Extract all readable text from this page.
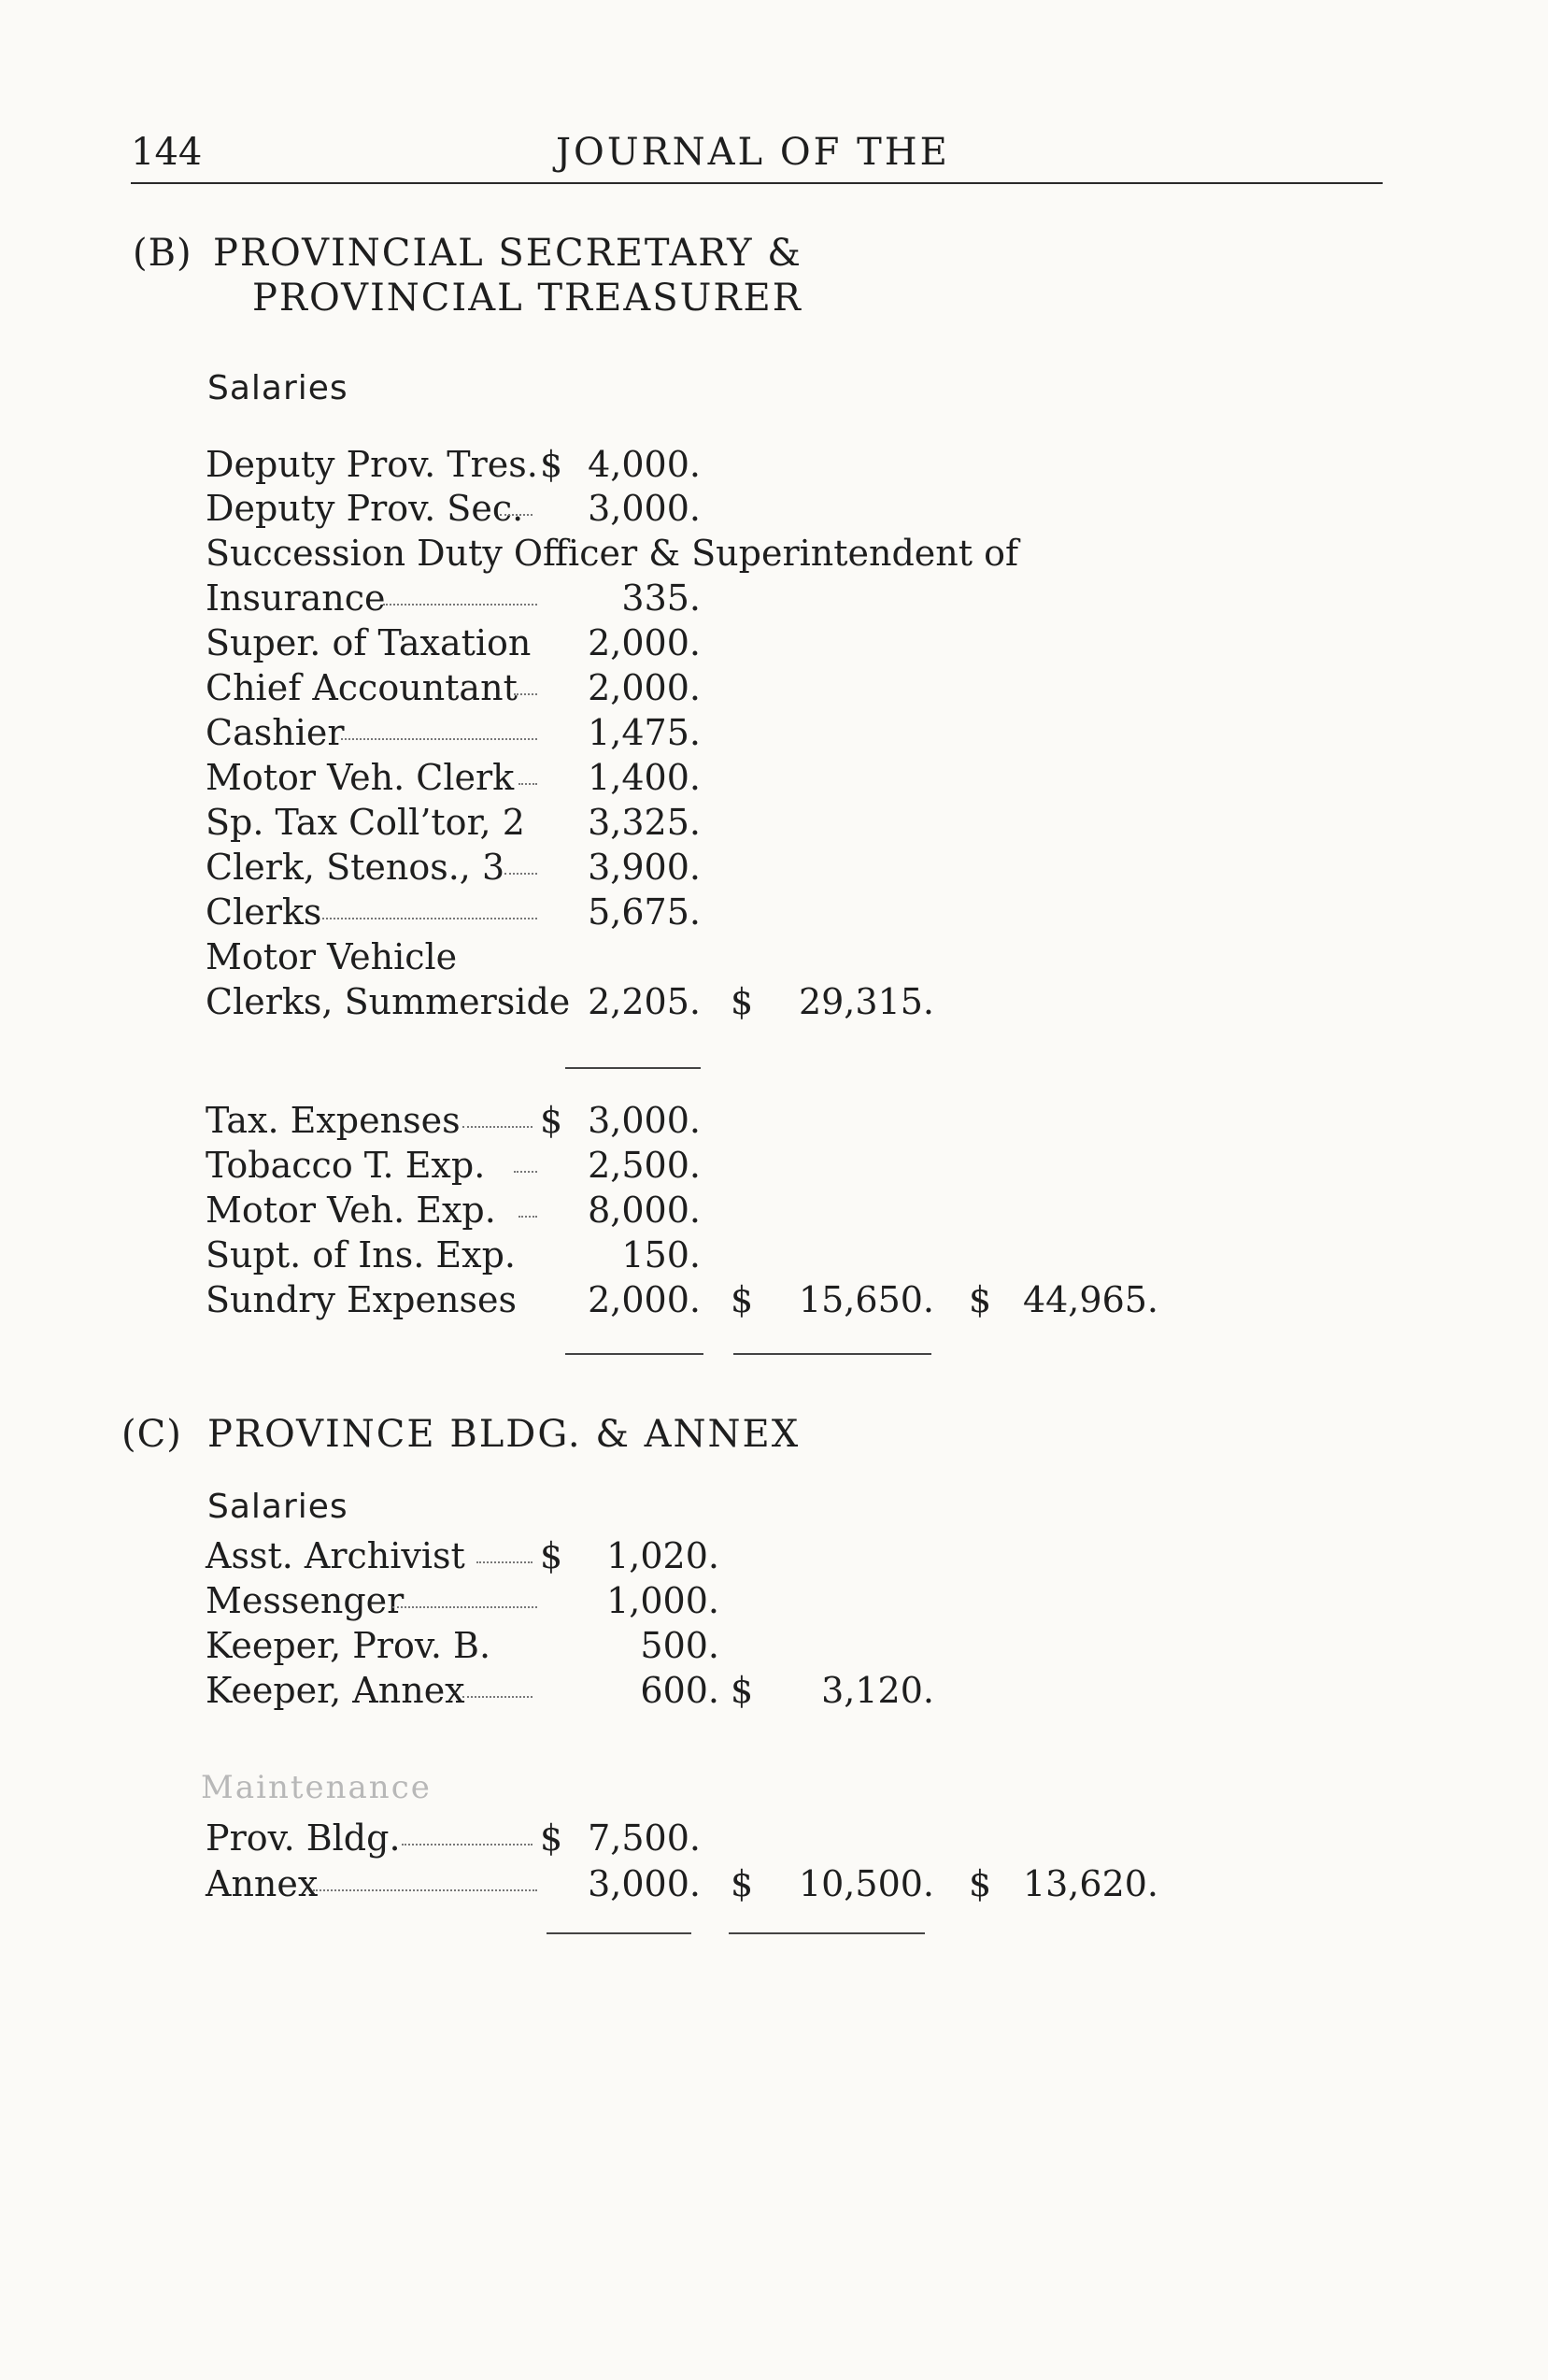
144	JOURNAL OF THE
(B) PROVINCIAL SECRETARY &
PROVINCIAL TREASURER
Salaries
Deputy Prov. Tres. $ 4,000.
Deputy Prov. Sec.	3,000.
Succession Duty Officer & Superintendent of
Insurance	335.
Super. of Taxation	2,000.
Chief Accountant	2,000.
Cashier	1,475.
Motor Veh. Clerk	1,400.
Sp. Tax Coll’tor, 2	3,325.
Clerk, Stenos., 3	3,900.
Clerks	5,675.
Motor Vehicle
Clerks, Summerside 2,205. $	29,315.
Tax. Expenses $ 3,000.
Tobacco T. Exp.	2,500.
Motor Veh. Exp.	8,000.
Supt. of Ins. Exp.	150.
Sundry Expenses	2,000. $	15,650. $ 44,965.
(C) PROVINCE BLDG. & ANNEX
Salaries
Asst. Archivist $	1,020.
Messenger	1,000.
Keeper, Prov. B.	500.
Keeper, Annex	600. $	3,120.
Maintenance
Prov. Bldg.	$ 7,500.
Annex	3,000. $	10,500. $ 13,620.
